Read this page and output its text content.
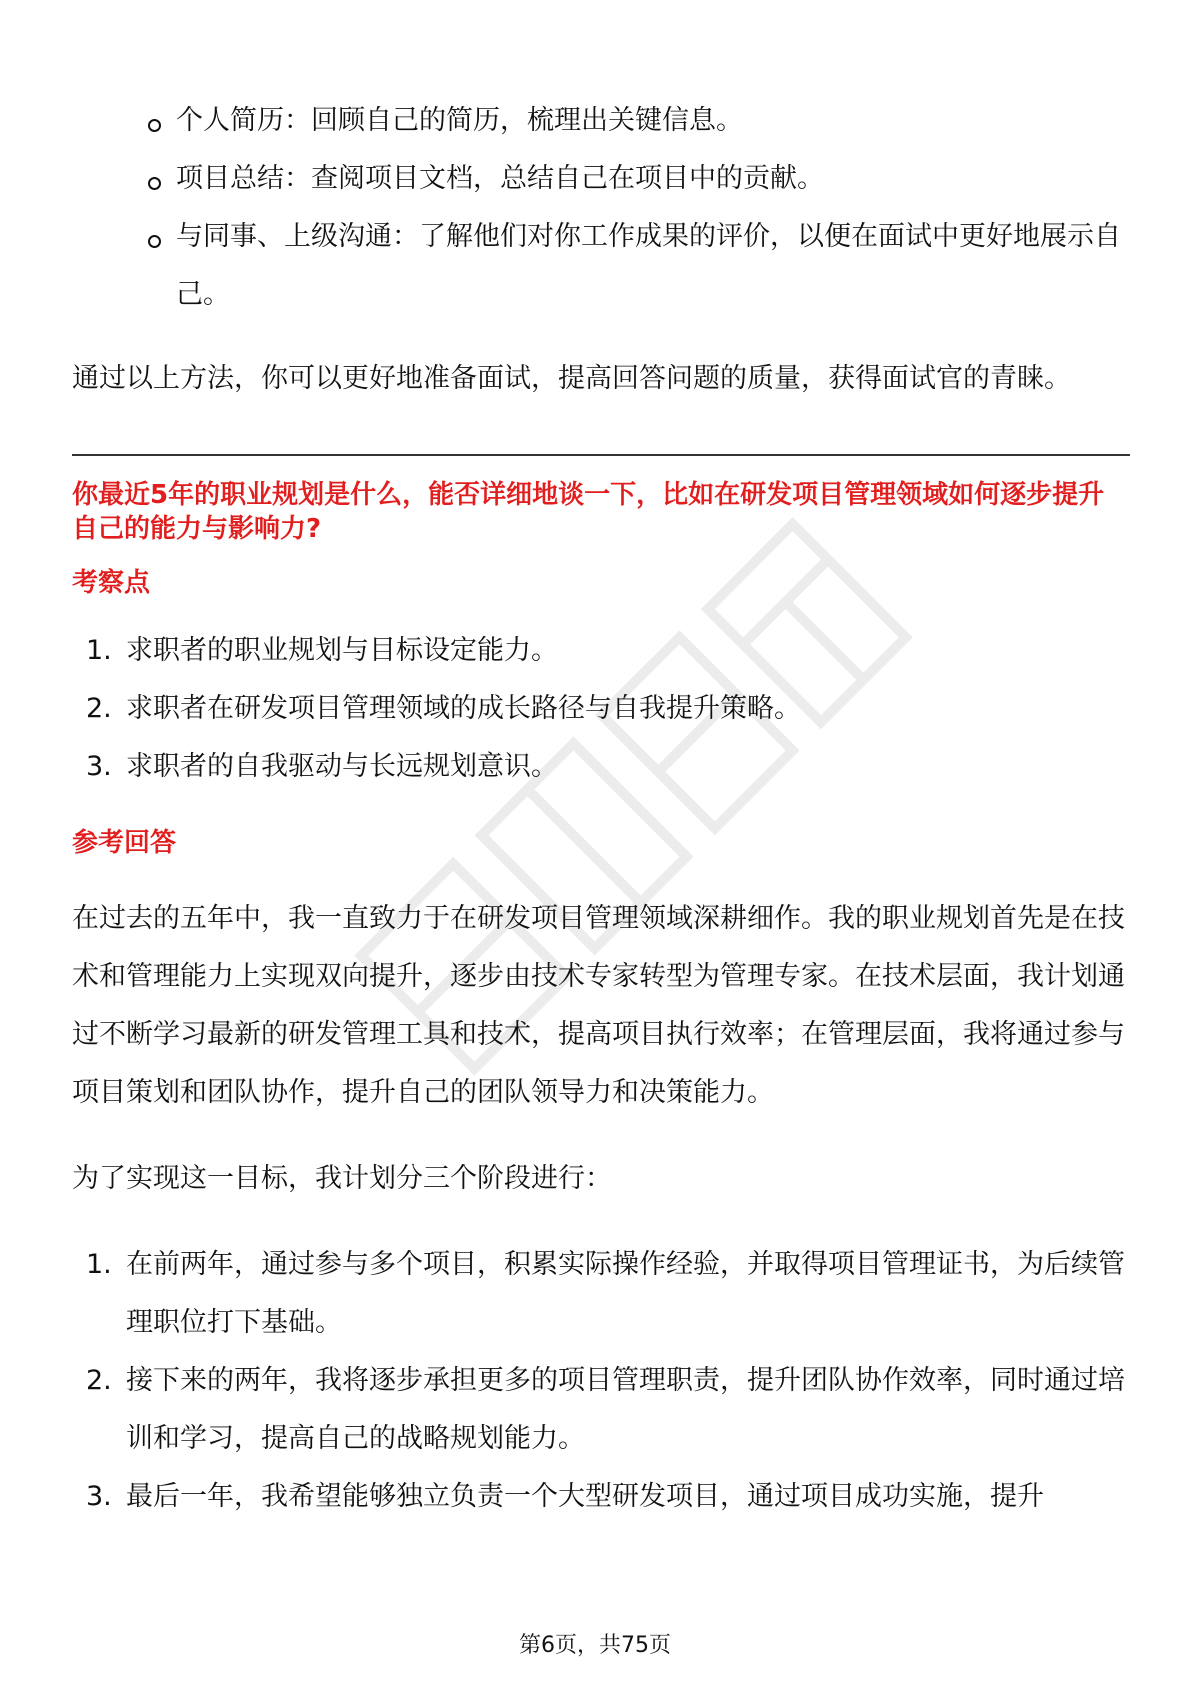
个人简历：回顾自己的简历，梳理出关键信息。
项目总结：查阅项目文档，总结自己在项目中的贡献。
与同事、上级沟通：了解他们对你工作成果的评价，以便在面试中更好地展示自己。

通过以上方法，你可以更好地准备面试，提高回答问题的质量，获得面试官的青睐。

你最近5年的职业规划是什么，能否详细地谈一下，比如在研发项目管理领域如何逐步提升自己的能力与影响力?
考察点
1. 求职者的职业规划与目标设定能力。
2. 求职者在研发项目管理领域的成长路径与自我提升策略。
3. 求职者的自我驱动与长远规划意识。
参考回答

在过去的五年中，我一直致力于在研发项目管理领域深耕细作。我的职业规划首先是在技术和管理能力上实现双向提升，逐步由技术专家转型为管理专家。在技术层面，我计划通过不断学习最新的研发管理工具和技术，提高项目执行效率；在管理层面，我将通过参与项目策划和团队协作，提升自己的团队领导力和决策能力。

为了实现这一目标，我计划分三个阶段进行：

1. 在前两年，通过参与多个项目，积累实际操作经验，并取得项目管理证书，为后续管理职位打下基础。
2. 接下来的两年，我将逐步承担更多的项目管理职责，提升团队协作效率，同时通过培训和学习，提高自己的战略规划能力。
3. 最后一年，我希望能够独立负责一个大型研发项目，通过项目成功实施，提升
第6页，共75页
